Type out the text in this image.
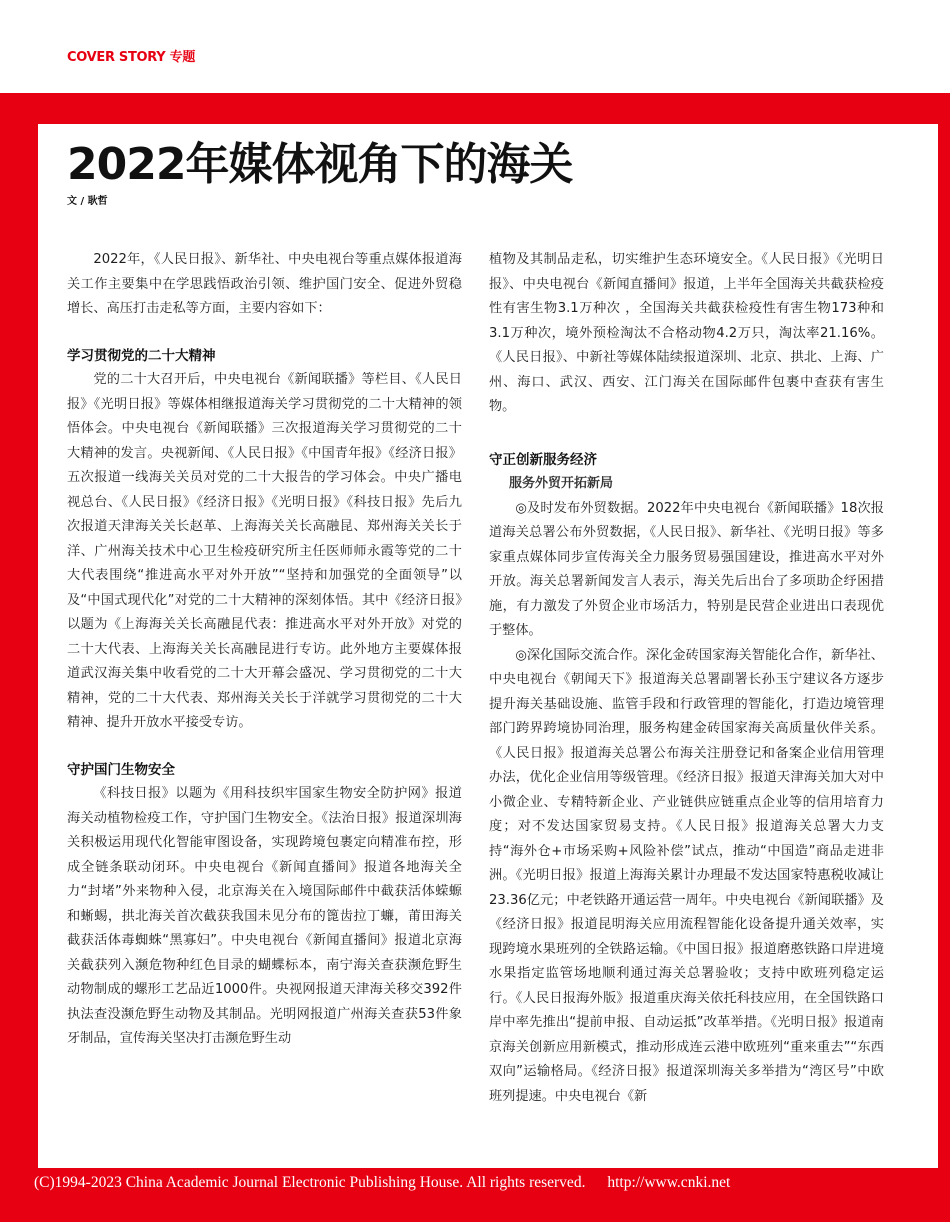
COVER STORY 专题
2022年媒体视角下的海关
文 / 耿哲

2022年，《人民日报》、新华社、中央电视台等重点媒体报道海关工作主要集中在学思践悟政治引领、维护国门安全、促进外贸稳增长、高压打击走私等方面，主要内容如下：

学习贯彻党的二十大精神

党的二十大召开后，中央电视台《新闻联播》等栏目、《人民日报》《光明日报》等媒体相继报道海关学习贯彻党的二十大精神的领悟体会。中央电视台《新闻联播》三次报道海关学习贯彻党的二十大精神的发言。央视新闻、《人民日报》《中国青年报》《经济日报》五次报道一线海关关员对党的二十大报告的学习体会。中央广播电视总台、《人民日报》《经济日报》《光明日报》《科技日报》先后九次报道天津海关关长赵革、上海海关关长高融昆、郑州海关关长于洋、广州海关技术中心卫生检疫研究所主任医师师永霞等党的二十大代表围绕“推进高水平对外开放”“坚持和加强党的全面领导”以及“中国式现代化”对党的二十大精神的深刻体悟。其中《经济日报》以题为《上海海关关长高融昆代表：推进高水平对外开放》对党的二十大代表、上海海关关长高融昆进行专访。此外地方主要媒体报道武汉海关集中收看党的二十大开幕会盛况、学习贯彻党的二十大精神，党的二十大代表、郑州海关关长于洋就学习贯彻党的二十大精神、提升开放水平接受专访。

守护国门生物安全

《科技日报》以题为《用科技织牢国家生物安全防护网》报道海关动植物检疫工作，守护国门生物安全。《法治日报》报道深圳海关积极运用现代化智能审图设备，实现跨境包裹定向精准布控，形成全链条联动闭环。中央电视台《新闻直播间》报道各地海关全力“封堵”外来物种入侵，北京海关在入境国际邮件中截获活体蝾螈和蜥蜴，拱北海关首次截获我国未见分布的篦齿拉丁蠊，莆田海关截获活体毒蜘蛛“黑寡妇”。中央电视台《新闻直播间》报道北京海关截获列入濒危物种红色目录的蝴蝶标本，南宁海关查获濒危野生动物制成的螺形工艺品近1000件。央视网报道天津海关移交392件执法查没濒危野生动物及其制品。光明网报道广州海关查获53件象牙制品，宣传海关坚决打击濒危野生动

植物及其制品走私，切实维护生态环境安全。《人民日报》《光明日报》、中央电视台《新闻直播间》报道，上半年全国海关共截获检疫性有害生物3.1万种次 ，全国海关共截获检疫性有害生物173种和3.1万种次，境外预检淘汰不合格动物4.2万只，淘汰率21.16%。《人民日报》、中新社等媒体陆续报道深圳、北京、拱北、上海、广州、海口、武汉、西安、江门海关在国际邮件包裹中查获有害生物。

守正创新服务经济
服务外贸开拓新局

◎及时发布外贸数据。2022年中央电视台《新闻联播》18次报道海关总署公布外贸数据，《人民日报》、新华社、《光明日报》等多家重点媒体同步宣传海关全力服务贸易强国建设，推进高水平对外开放。海关总署新闻发言人表示，海关先后出台了多项助企纾困措施，有力激发了外贸企业市场活力，特别是民营企业进出口表现优于整体。

◎深化国际交流合作。深化金砖国家海关智能化合作，新华社、中央电视台《朝闻天下》报道海关总署副署长孙玉宁建议各方逐步提升海关基础设施、监管手段和行政管理的智能化，打造边境管理部门跨界跨境协同治理，服务构建金砖国家海关高质量伙伴关系。《人民日报》报道海关总署公布海关注册登记和备案企业信用管理办法，优化企业信用等级管理。《经济日报》报道天津海关加大对中小微企业、专精特新企业、产业链供应链重点企业等的信用培育力度；对不发达国家贸易支持。《人民日报》报道海关总署大力支持“海外仓+市场采购+风险补偿”试点，推动“中国造”商品走进非洲。《光明日报》报道上海海关累计办理最不发达国家特惠税收减让23.36亿元；中老铁路开通运营一周年。中央电视台《新闻联播》及《经济日报》报道昆明海关应用流程智能化设备提升通关效率，实现跨境水果班列的全铁路运输。《中国日报》报道磨憨铁路口岸进境水果指定监管场地顺利通过海关总署验收；支持中欧班列稳定运行。《人民日报海外版》报道重庆海关依托科技应用，在全国铁路口岸中率先推出“提前申报、自动运抵”改革举措。《光明日报》报道南京海关创新应用新模式，推动形成连云港中欧班列“重来重去”“东西双向”运输格局。《经济日报》报道深圳海关多举措为“湾区号”中欧班列提速。中央电视台《新

(C)1994-2023 China Academic Journal Electronic Publishing House. All rights reserved. http://www.cnki.net
